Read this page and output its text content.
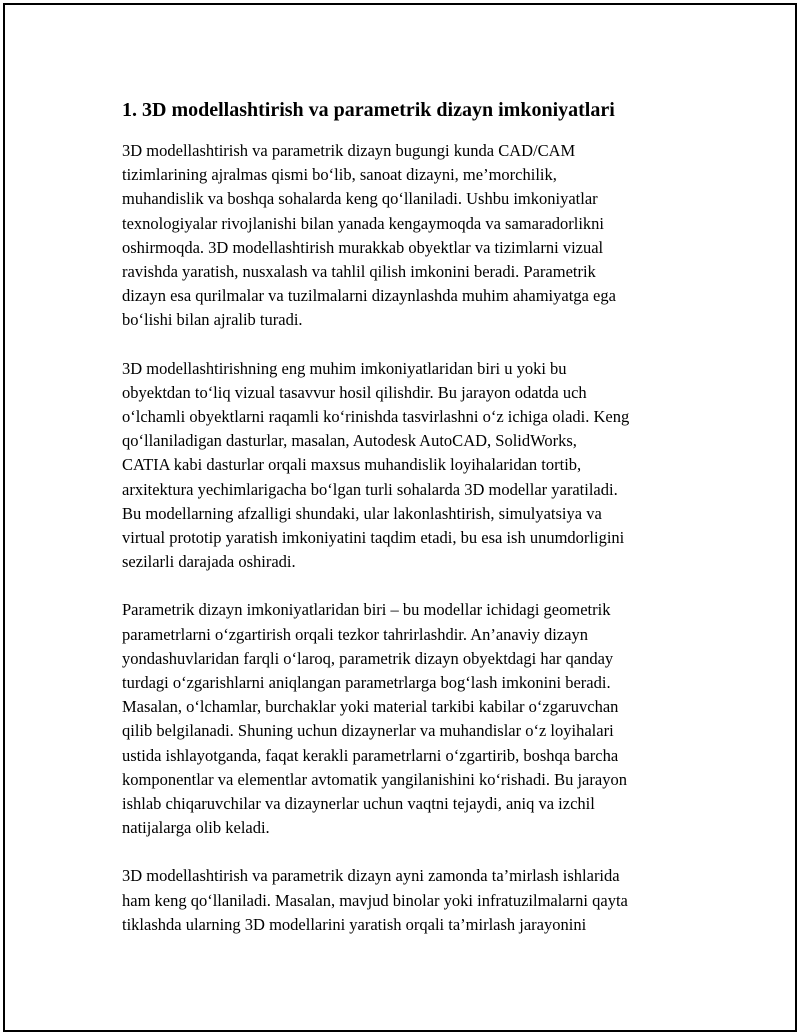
1. 3D modellashtirish va parametrik dizayn imkoniyatlari

3D modellashtirish va parametrik dizayn bugungi kunda CAD/CAM
tizimlarining ajralmas qismi bo‘lib, sanoat dizayni, me’morchilik,
muhandislik va boshqa sohalarda keng qo‘llaniladi. Ushbu imkoniyatlar
texnologiyalar rivojlanishi bilan yanada kengaymoqda va samaradorlikni
oshirmoqda. 3D modellashtirish murakkab obyektlar va tizimlarni vizual
ravishda yaratish, nusxalash va tahlil qilish imkonini beradi. Parametrik
dizayn esa qurilmalar va tuzilmalarni dizaynlashda muhim ahamiyatga ega
bo‘lishi bilan ajralib turadi.

3D modellashtirishning eng muhim imkoniyatlaridan biri u yoki bu
obyektdan to‘liq vizual tasavvur hosil qilishdir. Bu jarayon odatda uch
o‘lchamli obyektlarni raqamli ko‘rinishda tasvirlashni o‘z ichiga oladi. Keng
qo‘llaniladigan dasturlar, masalan, Autodesk AutoCAD, SolidWorks,
CATIA kabi dasturlar orqali maxsus muhandislik loyihalaridan tortib,
arxitektura yechimlarigacha bo‘lgan turli sohalarda 3D modellar yaratiladi.
Bu modellarning afzalligi shundaki, ular lakonlashtirish, simulyatsiya va
virtual prototip yaratish imkoniyatini taqdim etadi, bu esa ish unumdorligini
sezilarli darajada oshiradi.

Parametrik dizayn imkoniyatlaridan biri – bu modellar ichidagi geometrik
parametrlarni o‘zgartirish orqali tezkor tahrirlashdir. An’anaviy dizayn
yondashuvlaridan farqli o‘laroq, parametrik dizayn obyektdagi har qanday
turdagi o‘zgarishlarni aniqlangan parametrlarga bog‘lash imkonini beradi.
Masalan, o‘lchamlar, burchaklar yoki material tarkibi kabilar o‘zgaruvchan
qilib belgilanadi. Shuning uchun dizaynerlar va muhandislar o‘z loyihalari
ustida ishlayotganda, faqat kerakli parametrlarni o‘zgartirib, boshqa barcha
komponentlar va elementlar avtomatik yangilanishini ko‘rishadi. Bu jarayon
ishlab chiqaruvchilar va dizaynerlar uchun vaqtni tejaydi, aniq va izchil
natijalarga olib keladi.

3D modellashtirish va parametrik dizayn ayni zamonda ta’mirlash ishlarida
ham keng qo‘llaniladi. Masalan, mavjud binolar yoki infratuzilmalarni qayta
tiklashda ularning 3D modellarini yaratish orqali ta’mirlash jarayonini
